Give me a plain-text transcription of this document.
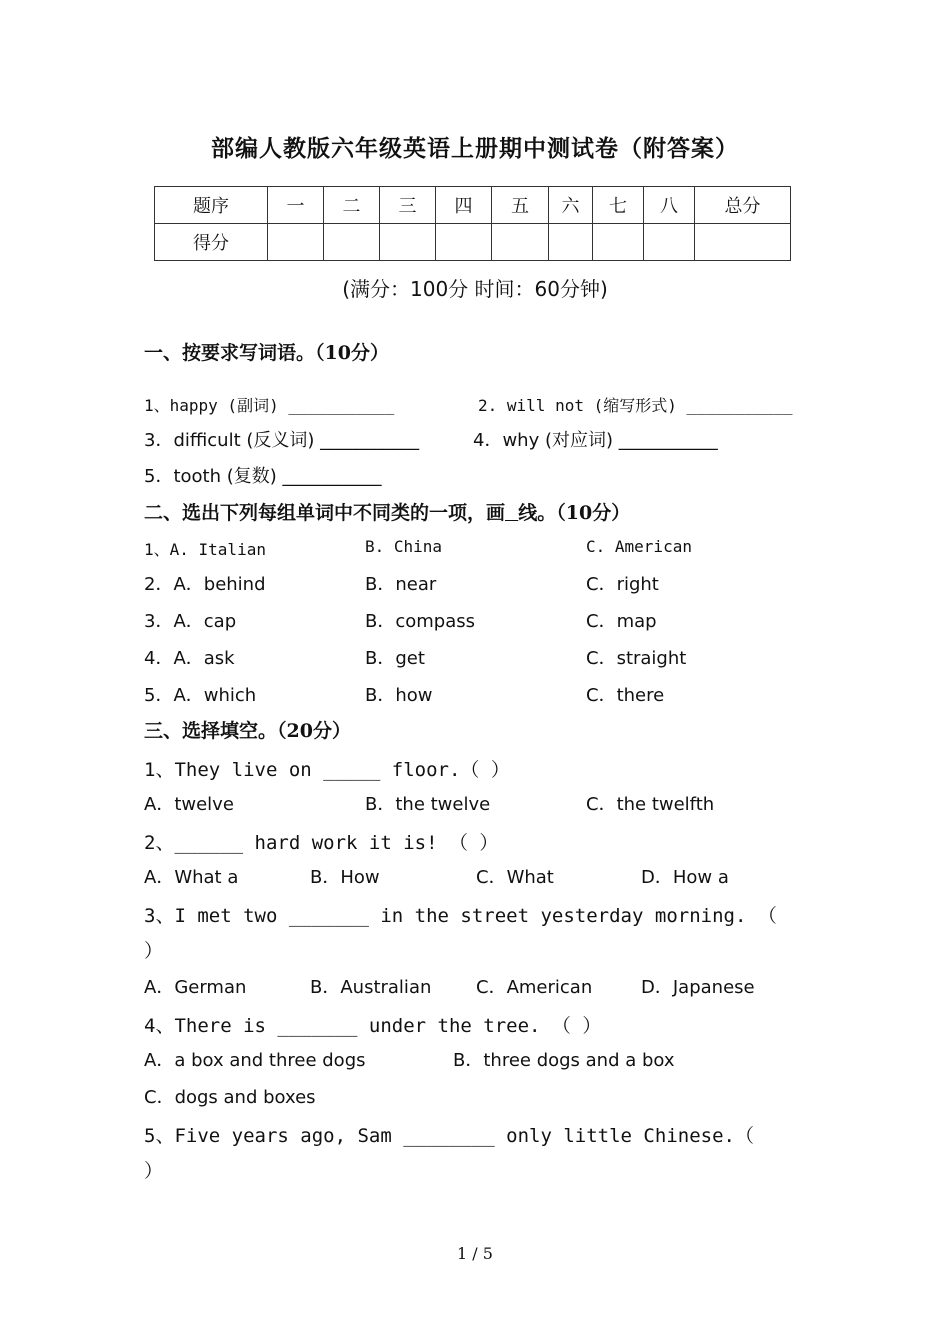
部编人教版六年级英语上册期中测试卷（附答案）
题序	一	二	三	四	五	六	七	八	总分
得分									
(满分：100分 时间：60分钟)
一、按要求写词语。（10分）
1、happy (副词) ___________	2. will not (缩写形式) ___________
3．difficult (反义词) ___________	4．why (对应词) ___________
5．tooth (复数) ___________
二、选出下列每组单词中不同类的一项，画 线。（10分）
1、A. Italian	B. China	C. American
2．A．behind	B．near	C．right
3．A．cap	B．compass	C．map
4．A．ask	B．get	C．straight
5．A．which	B．how	C．there
三、选择填空。（20分）
1、They live on _____ floor.（ ）
A．twelve	B．the twelve	C．the twelfth
2、______ hard work it is! （ ）
A．What a	B．How	C．What	D．How a
3、I met two _______ in the street yesterday morning. （
）
A．German	B．Australian C．American	D．Japanese
4、There is _______ under the tree. （ ）
A．a box and three dogs	B．three dogs and a box
C．dogs and boxes
5、Five years ago, Sam ________ only little Chinese.（
）
1 / 5
